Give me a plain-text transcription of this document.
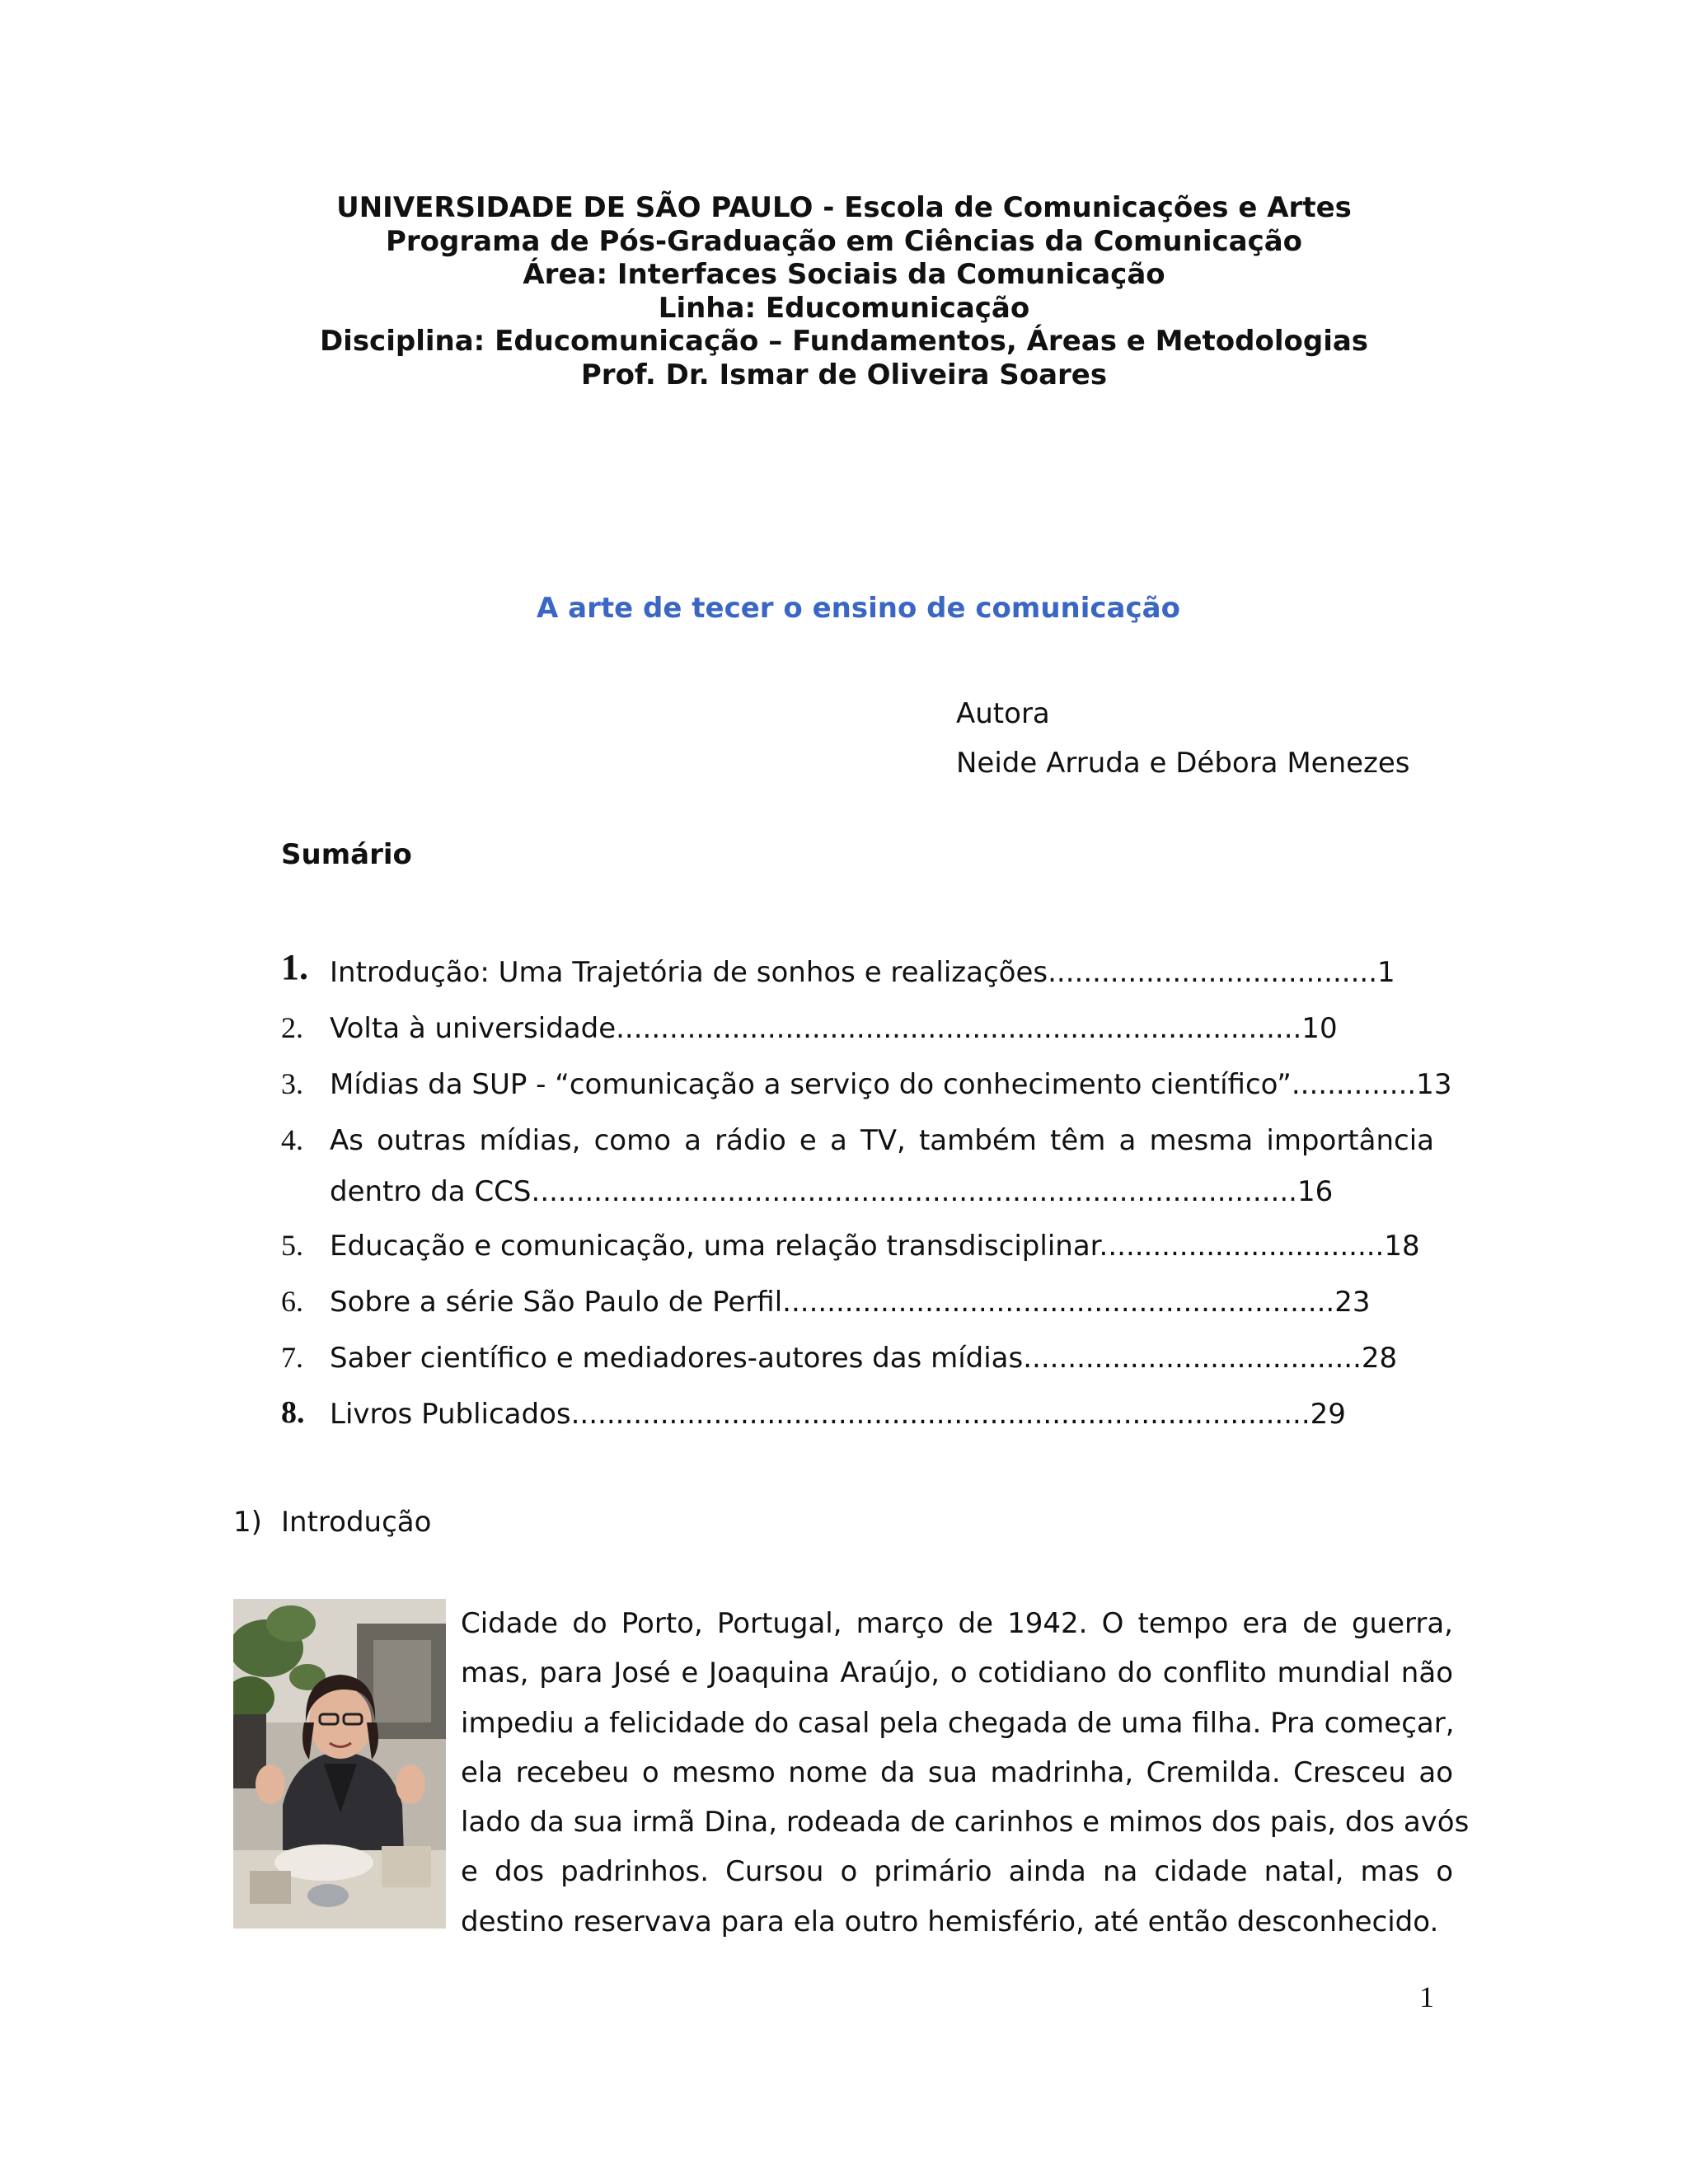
UNIVERSIDADE DE SÃO PAULO - Escola de Comunicações e Artes
Programa de Pós-Graduação em Ciências da Comunicação
Área: Interfaces Sociais da Comunicação
Linha: Educomunicação
Disciplina: Educomunicação – Fundamentos, Áreas e Metodologias
Prof. Dr. Ismar de Oliveira Soares
A arte de tecer o ensino de comunicação
Autora
Neide Arruda e Débora Menezes
Sumário
1. Introdução: Uma Trajetória de sonhos e realizações.....................................1
2. Volta à universidade.............................................................................10
3. Mídias da SUP - “comunicação a serviço do conhecimento científico”..............13
4. As outras mídias, como a rádio e a TV, também têm a mesma importância
dentro da CCS......................................................................................16
5. Educação e comunicação, uma relação transdisciplinar................................18
6. Sobre a série São Paulo de Perfil..............................................................23
7. Saber científico e mediadores-autores das mídias......................................28
8. Livros Publicados...................................................................................29
1) Introdução
Cidade do Porto, Portugal, março de 1942. O tempo era de guerra,
mas, para José e Joaquina Araújo, o cotidiano do conflito mundial não
impediu a felicidade do casal pela chegada de uma filha. Pra começar,
ela recebeu o mesmo nome da sua madrinha, Cremilda. Cresceu ao
lado da sua irmã Dina, rodeada de carinhos e mimos dos pais, dos avós
e dos padrinhos. Cursou o primário ainda na cidade natal, mas o
destino reservava para ela outro hemisfério, até então desconhecido.
1
